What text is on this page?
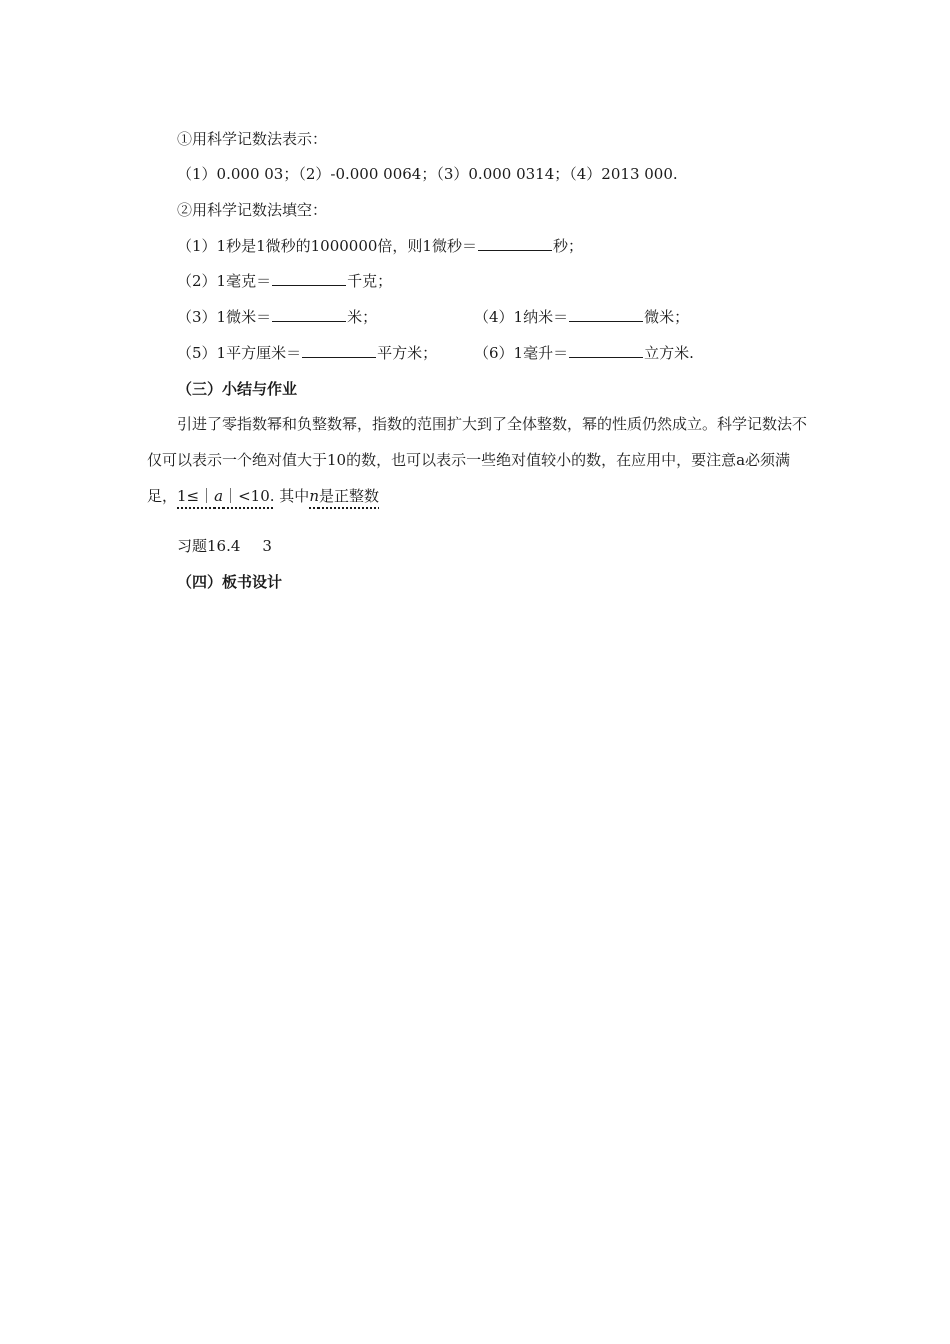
①用科学记数法表示：
（1）0.000 03；（2）-0.000 0064；（3）0.000 0314；（4）2013 000.
②用科学记数法填空：
（1）1秒是1微秒的1000000倍，则1微秒＝	秒；
（2）1毫克＝	千克；
（3）1微米＝	米；	（4）1纳米＝	微米；
（5）1平方厘米＝	平方米； （6）1毫升＝	立方米.
（三）小结与作业
引进了零指数幂和负整数幂，指数的范围扩大到了全体整数，幂的性质仍然成立。科学记数法不仅可以表示一个绝对值大于10的数，也可以表示一些绝对值较小的数，在应用中，要注意a必须满足，1≤｜a｜<10. 其中n是正整数
习题16.4 3
（四）板书设计
